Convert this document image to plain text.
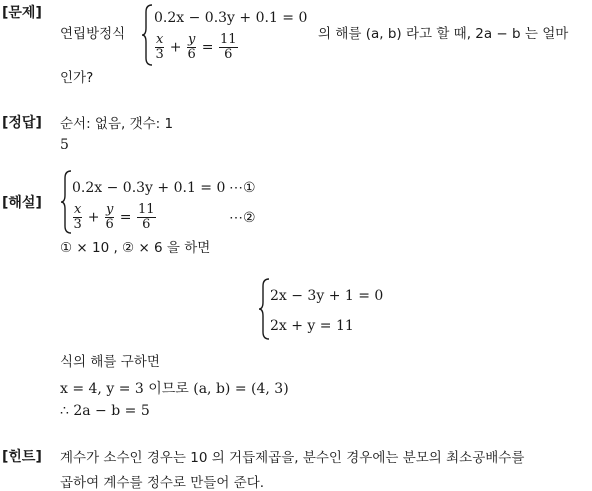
[문제]
연립방정식
0.2x − 0.3y + 0.1 = 0
$\frac{x}{3} + \frac{y}{6} = \frac{11}{6}$	의 해를 (a, b) 라고 할 때, 2a − b 는 얼마
인가?
[정답] 순서: 없음, 갯수: 1
5
[해설]
0.2x − 0.3y + 0.1 = 0 ⋯①
$\frac{x}{3} + \frac{y}{6} = \frac{11}{6}$	⋯②
① × 10 , ② × 6 을 하면
2x − 3y + 1 = 0
2x + y = 11
식의 해를 구하면
x = 4, y = 3 이므로 (a, b) = (4, 3)
∴ 2a − b = 5
[힌트] 계수가 소수인 경우는 10 의 거듭제곱을, 분수인 경우에는 분모의 최소공배수를
곱하여 계수를 정수로 만들어 준다.
